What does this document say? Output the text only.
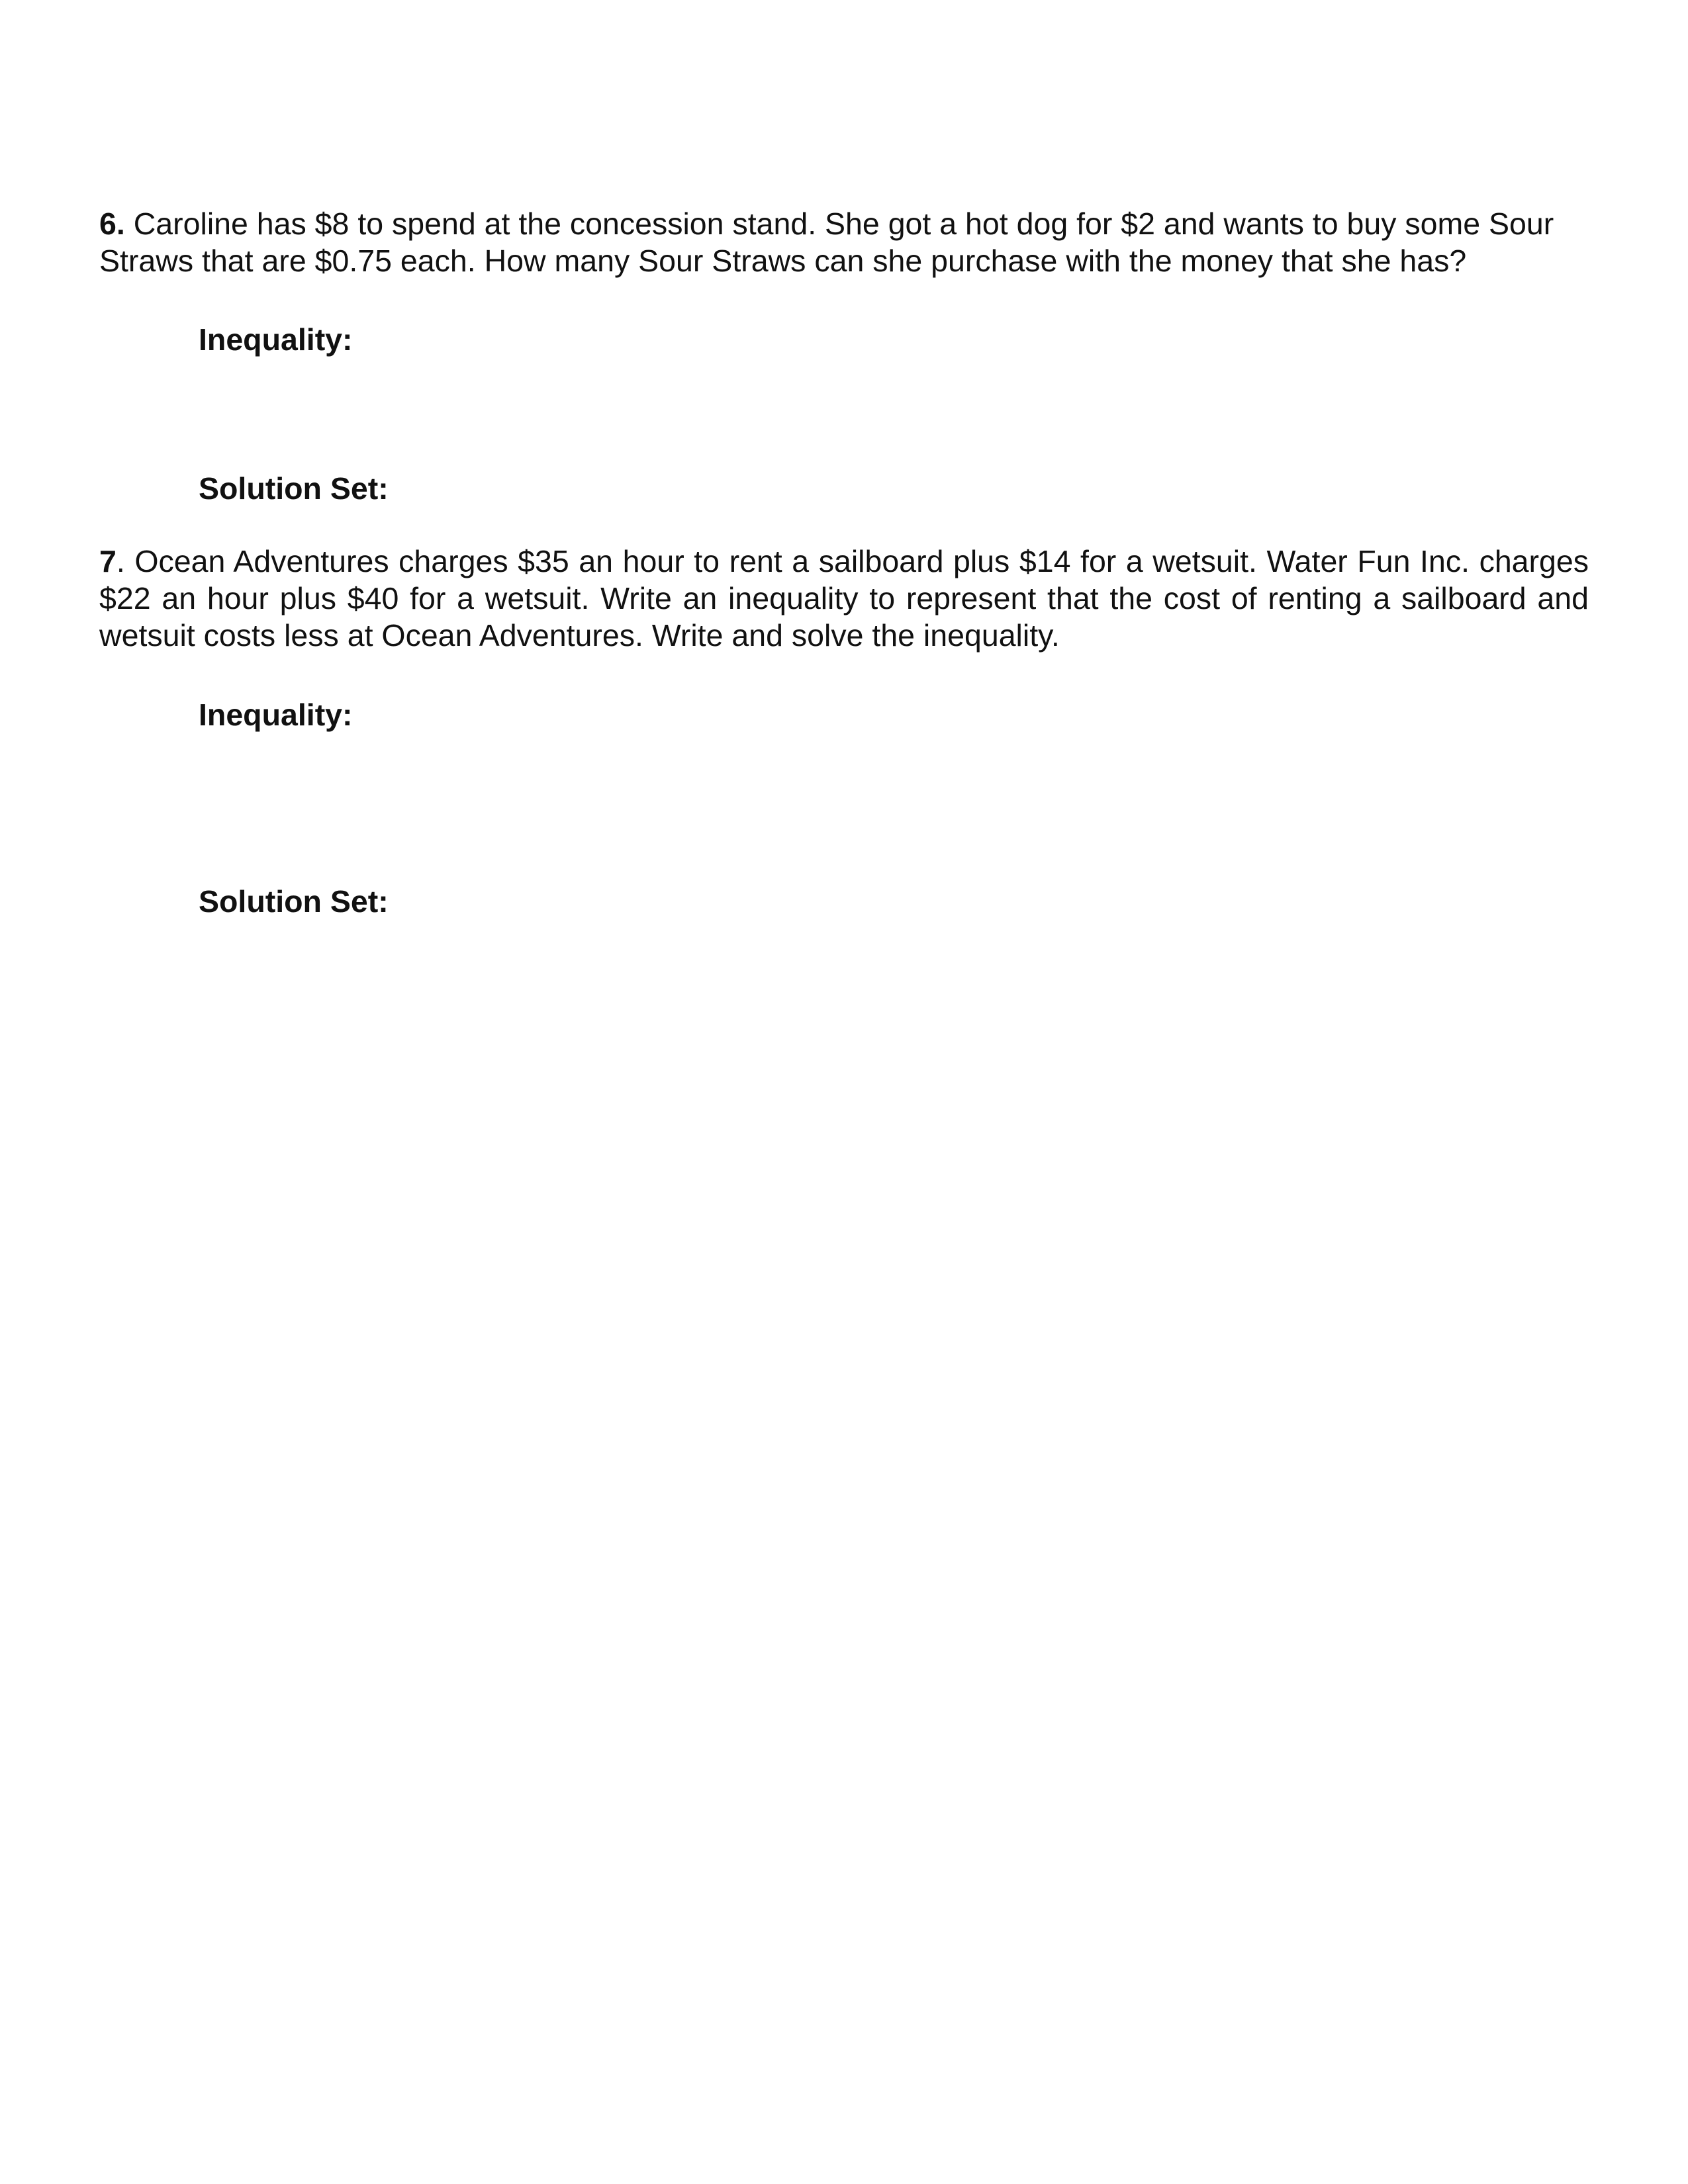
6. Caroline has $8 to spend at the concession stand. She got a hot dog for $2 and wants to buy some Sour Straws that are $0.75 each. How many Sour Straws can she purchase with the money that she has?

Inequality:
Solution Set:

7. Ocean Adventures charges $35 an hour to rent a sailboard plus $14 for a wetsuit. Water Fun Inc. charges $22 an hour plus $40 for a wetsuit. Write an inequality to represent that the cost of renting a sailboard and wetsuit costs less at Ocean Adventures. Write and solve the inequality.

Inequality:
Solution Set:
